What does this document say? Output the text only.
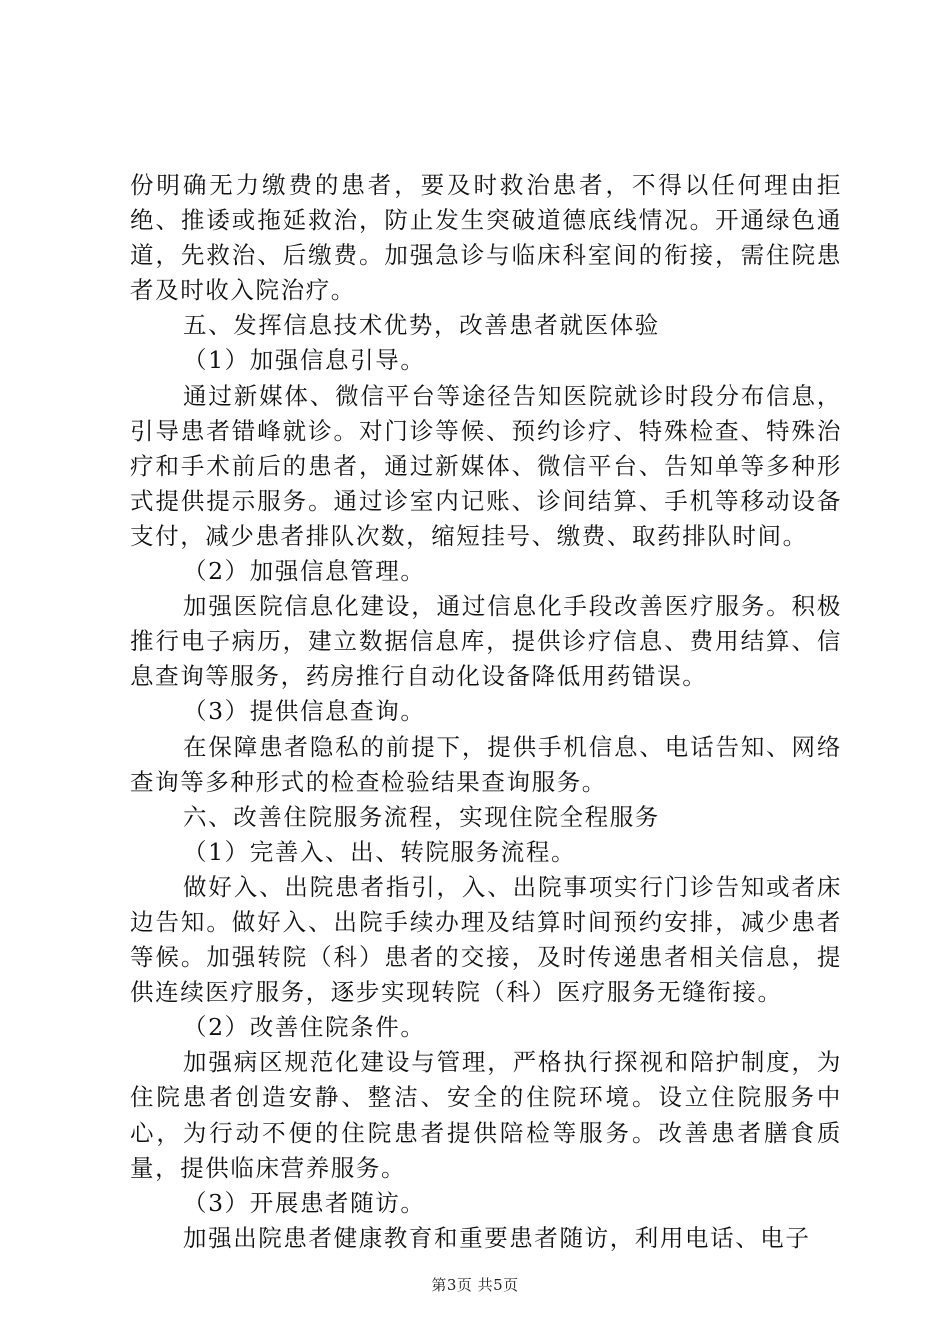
份明确无力缴费的患者，要及时救治患者，不得以任何理由拒绝、推诿或拖延救治，防止发生突破道德底线情况。开通绿色通道，先救治、后缴费。加强急诊与临床科室间的衔接，需住院患者及时收入院治疗。

五、发挥信息技术优势，改善患者就医体验

（1）加强信息引导。

通过新媒体、微信平台等途径告知医院就诊时段分布信息，引导患者错峰就诊。对门诊等候、预约诊疗、特殊检查、特殊治疗和手术前后的患者，通过新媒体、微信平台、告知单等多种形式提供提示服务。通过诊室内记账、诊间结算、手机等移动设备支付，减少患者排队次数，缩短挂号、缴费、取药排队时间。

（2）加强信息管理。

加强医院信息化建设，通过信息化手段改善医疗服务。积极推行电子病历，建立数据信息库，提供诊疗信息、费用结算、信息查询等服务，药房推行自动化设备降低用药错误。

（3）提供信息查询。

在保障患者隐私的前提下，提供手机信息、电话告知、网络查询等多种形式的检查检验结果查询服务。

六、改善住院服务流程，实现住院全程服务

（1）完善入、出、转院服务流程。

做好入、出院患者指引，入、出院事项实行门诊告知或者床边告知。做好入、出院手续办理及结算时间预约安排，减少患者等候。加强转院（科）患者的交接，及时传递患者相关信息，提供连续医疗服务，逐步实现转院（科）医疗服务无缝衔接。

（2）改善住院条件。

加强病区规范化建设与管理，严格执行探视和陪护制度，为住院患者创造安静、整洁、安全的住院环境。设立住院服务中心，为行动不便的住院患者提供陪检等服务。改善患者膳食质量，提供临床营养服务。

（3）开展患者随访。

加强出院患者健康教育和重要患者随访，利用电话、电子

第3页 共5页
